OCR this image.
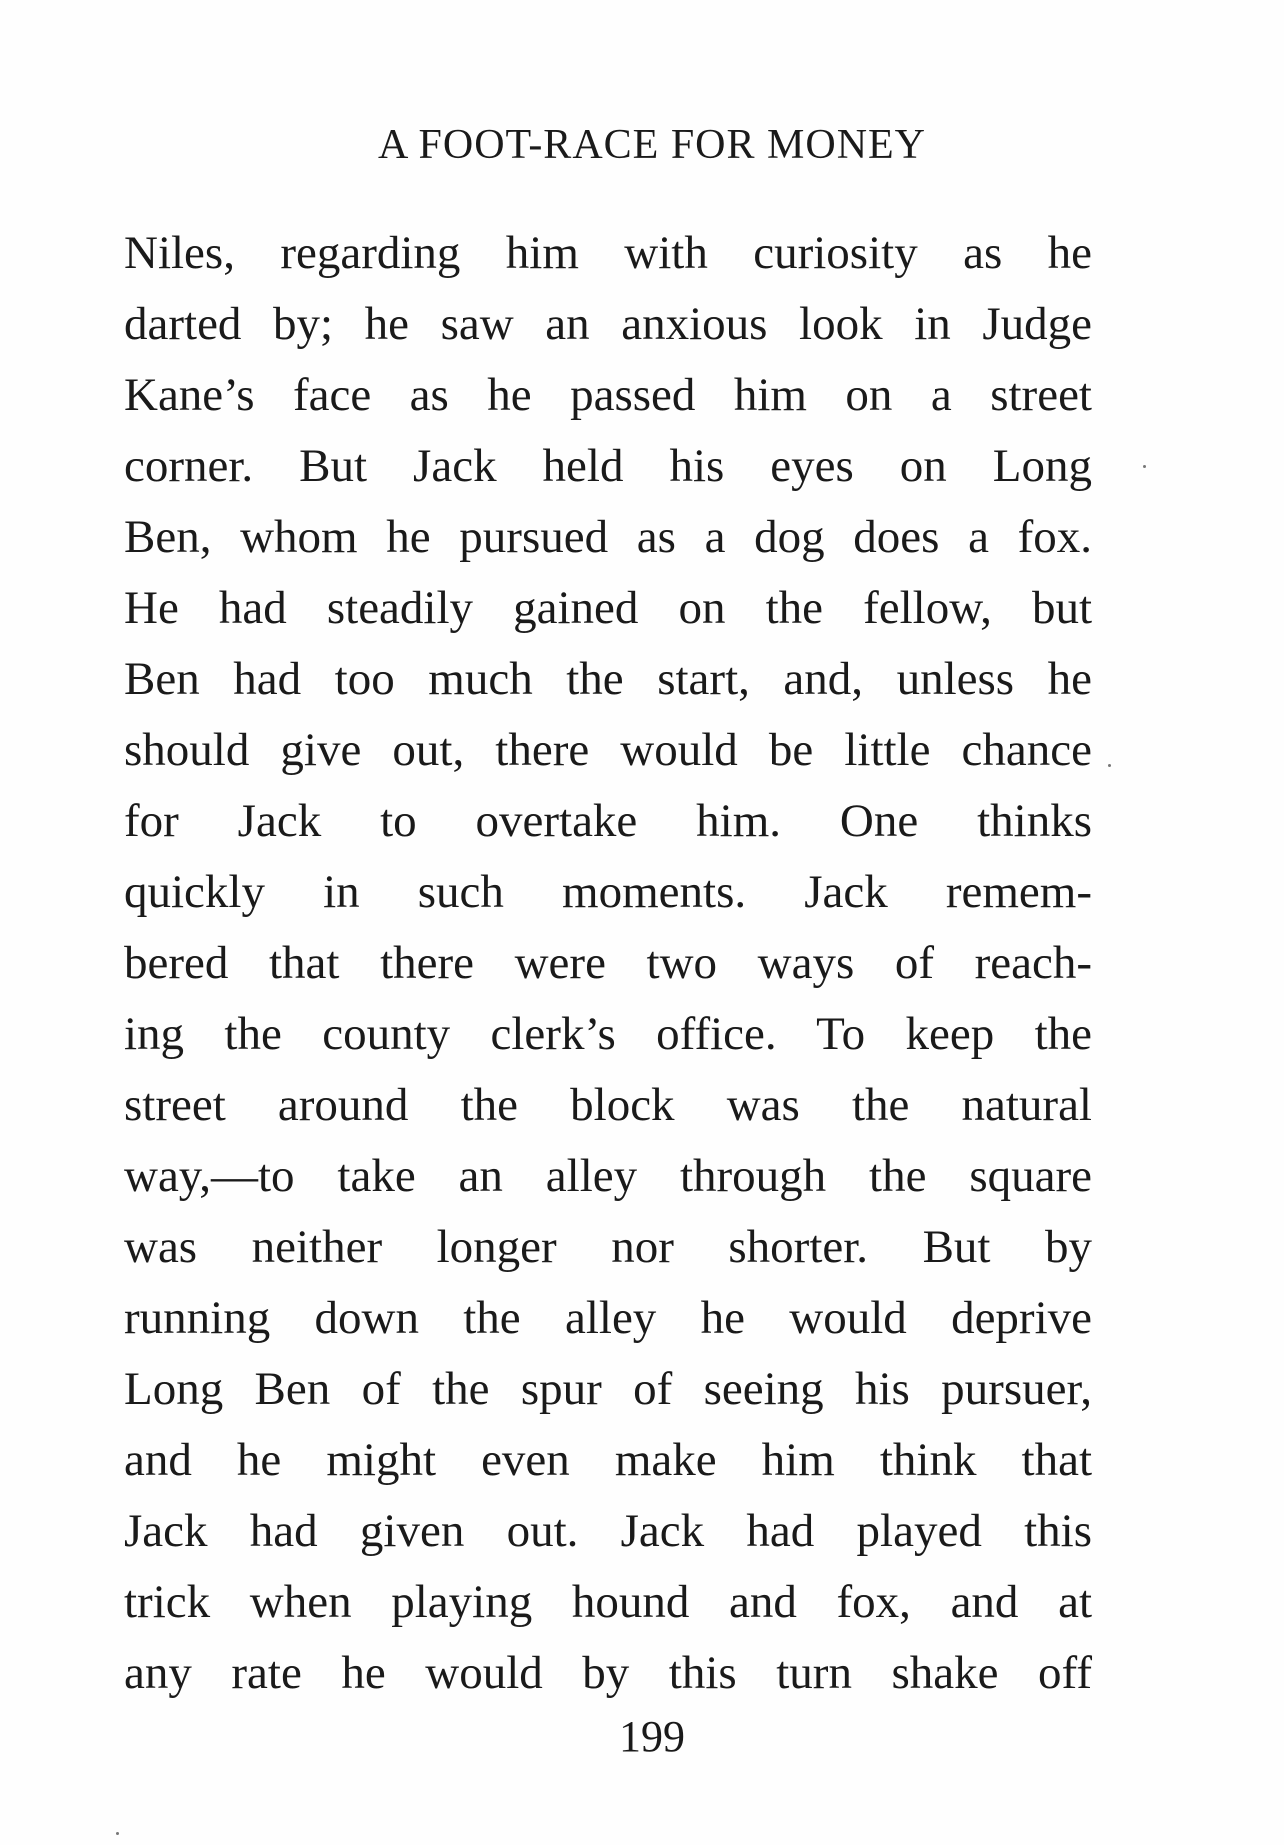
A FOOT-RACE FOR MONEY
Niles, regarding him with curiosity as he
darted by; he saw an anxious look in Judge
Kane’s face as he passed him on a street
corner. But Jack held his eyes on Long
Ben, whom he pursued as a dog does a fox.
He had steadily gained on the fellow, but
Ben had too much the start, and, unless he
should give out, there would be little chance
for Jack to overtake him. One thinks
quickly in such moments. Jack remem-
bered that there were two ways of reach-
ing the county clerk’s office. To keep the
street around the block was the natural
way,—to take an alley through the square
was neither longer nor shorter. But by
running down the alley he would deprive
Long Ben of the spur of seeing his pursuer,
and he might even make him think that
Jack had given out. Jack had played this
trick when playing hound and fox, and at
any rate he would by this turn shake off
199
